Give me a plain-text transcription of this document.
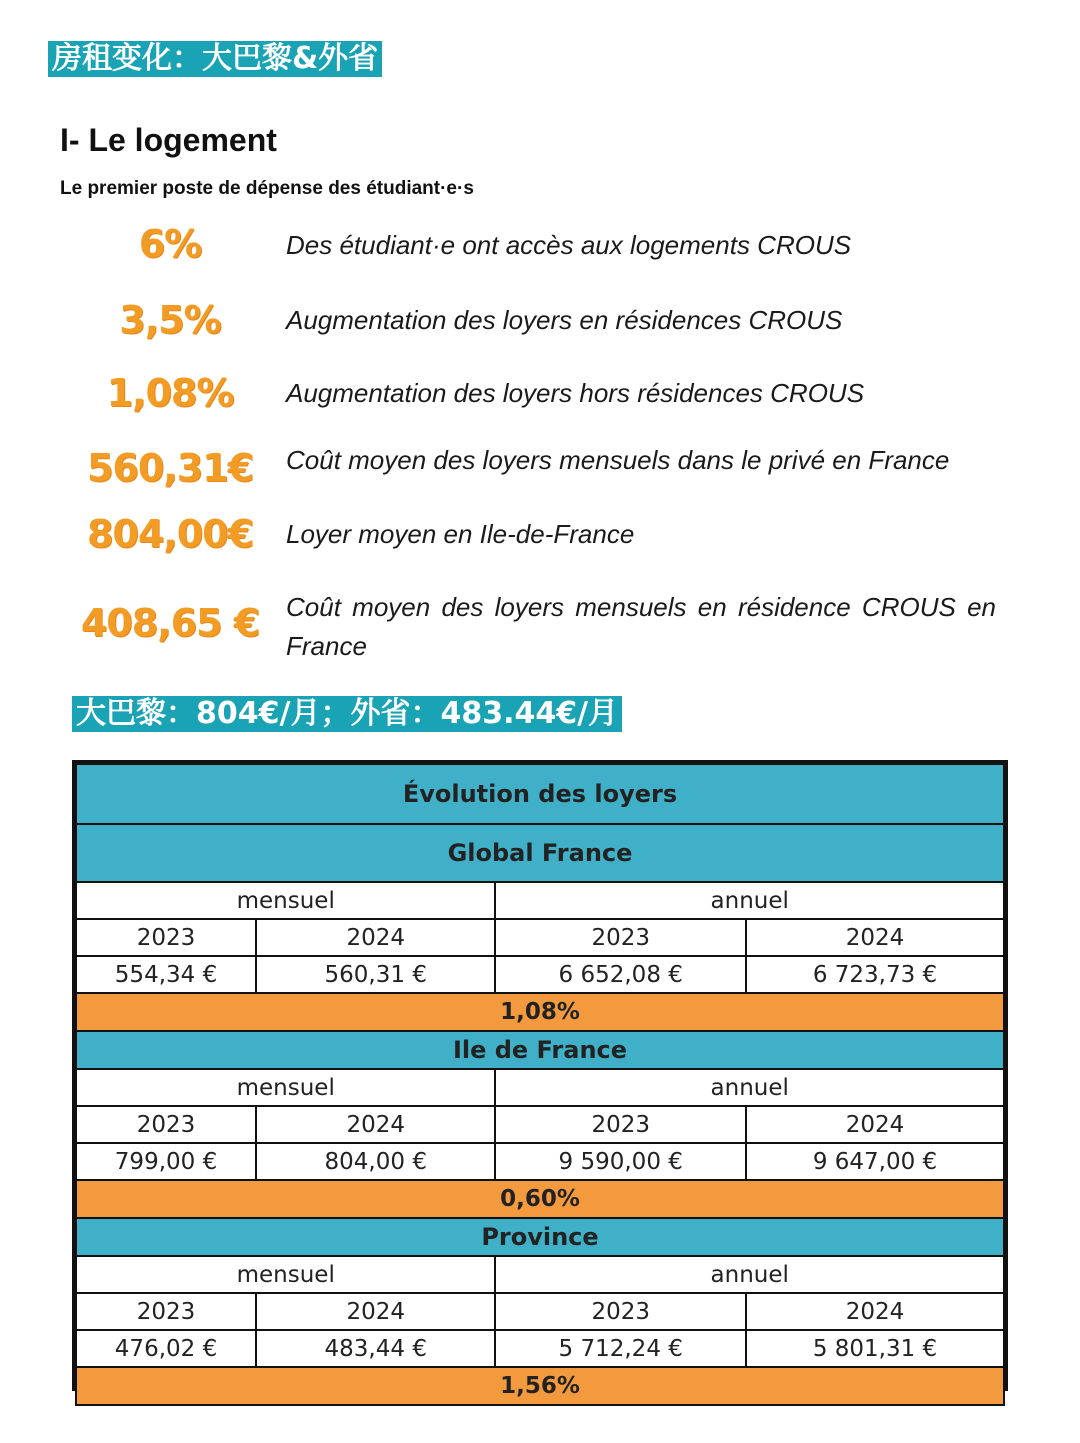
房租变化：大巴黎&外省
I- Le logement
Le premier poste de dépense des étudiant·e·s
6%	Des étudiant·e ont accès aux logements CROUS
3,5%	Augmentation des loyers en résidences CROUS
1,08%	Augmentation des loyers hors résidences CROUS
560,31€	Coût moyen des loyers mensuels dans le privé en France
804,00€	Loyer moyen en Ile-de-France
408,65 € Coût moyen des loyers mensuels en résidence CROUS en France
大巴黎：804€/月；外省：483.44€/月
Évolution des loyers			
Global France			
mensuel		annuel	
2023	2024	2023	2024
554,34 €	560,31 €	6 652,08 €	6 723,73 €
1,08%			
Ile de France			
mensuel		annuel	
2023	2024	2023	2024
799,00 €	804,00 €	9 590,00 €	9 647,00 €
0,60%			
Province			
mensuel		annuel	
2023	2024	2023	2024
476,02 €	483,44 €	5 712,24 €	5 801,31 €
1,56%			
